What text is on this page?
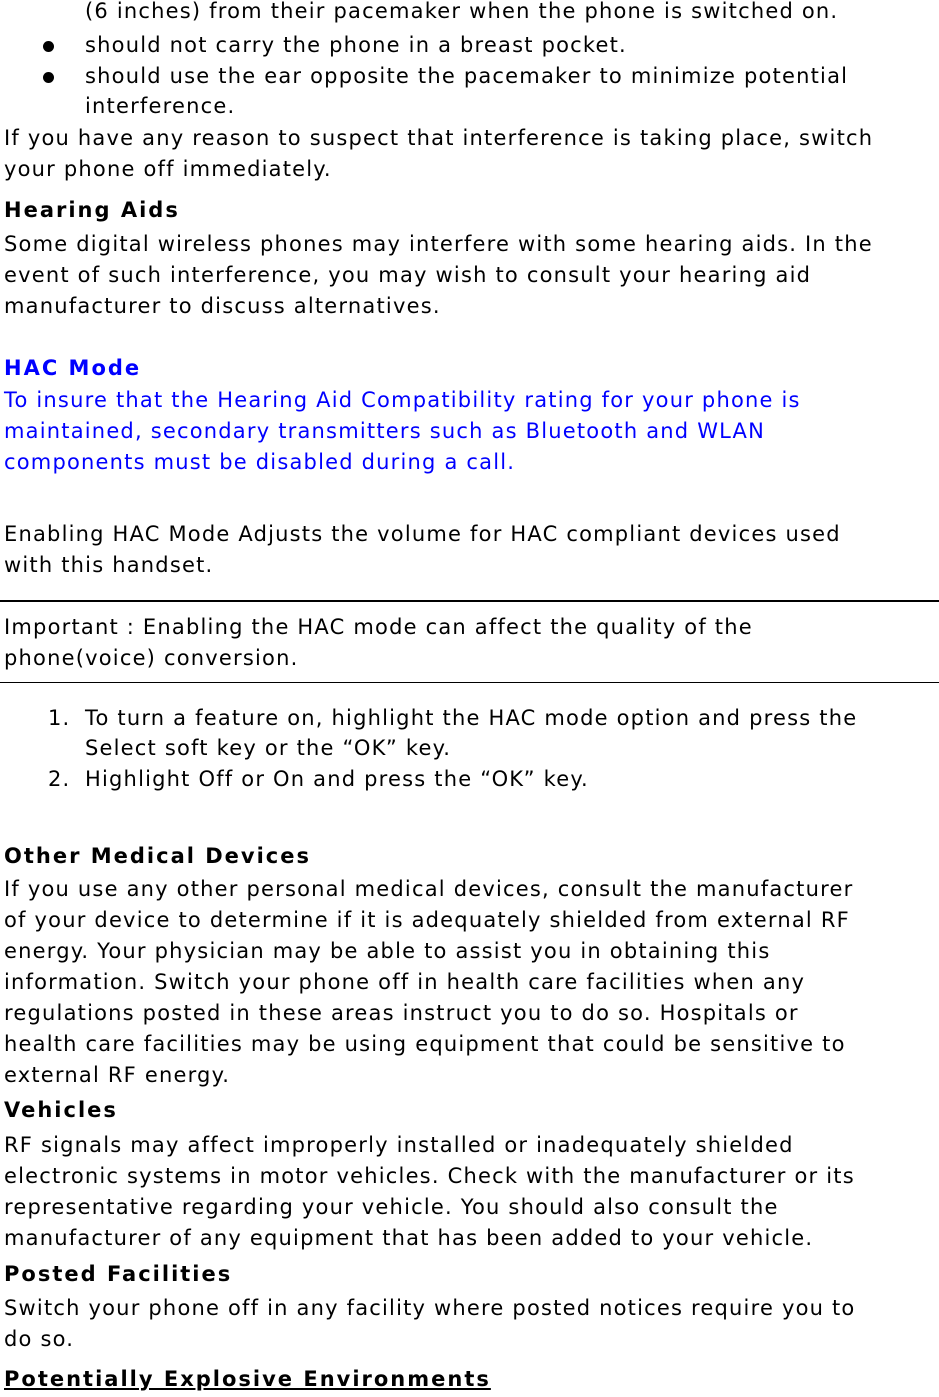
(6 inches) from their pacemaker when the phone is switched on.
should not carry the phone in a breast pocket.
should use the ear opposite the pacemaker to minimize potential
interference.
If you have any reason to suspect that interference is taking place, switch
your phone off immediately.
Hearing Aids
Some digital wireless phones may interfere with some hearing aids. In the
event of such interference, you may wish to consult your hearing aid
manufacturer to discuss alternatives.
HAC Mode
To insure that the Hearing Aid Compatibility rating for your phone is
maintained, secondary transmitters such as Bluetooth and WLAN
components must be disabled during a call.
Enabling HAC Mode Adjusts the volume for HAC compliant devices used
with this handset.
Important : Enabling the HAC mode can affect the quality of the
phone(voice) conversion.
1. To turn a feature on, highlight the HAC mode option and press the
Select soft key or the “OK” key.
2. Highlight Off or On and press the “OK” key.
Other Medical Devices
If you use any other personal medical devices, consult the manufacturer
of your device to determine if it is adequately shielded from external RF
energy. Your physician may be able to assist you in obtaining this
information. Switch your phone off in health care facilities when any
regulations posted in these areas instruct you to do so. Hospitals or
health care facilities may be using equipment that could be sensitive to
external RF energy.
Vehicles
RF signals may affect improperly installed or inadequately shielded
electronic systems in motor vehicles. Check with the manufacturer or its
representative regarding your vehicle. You should also consult the
manufacturer of any equipment that has been added to your vehicle.
Posted Facilities
Switch your phone off in any facility where posted notices require you to
do so.
Potentially Explosive Environments
